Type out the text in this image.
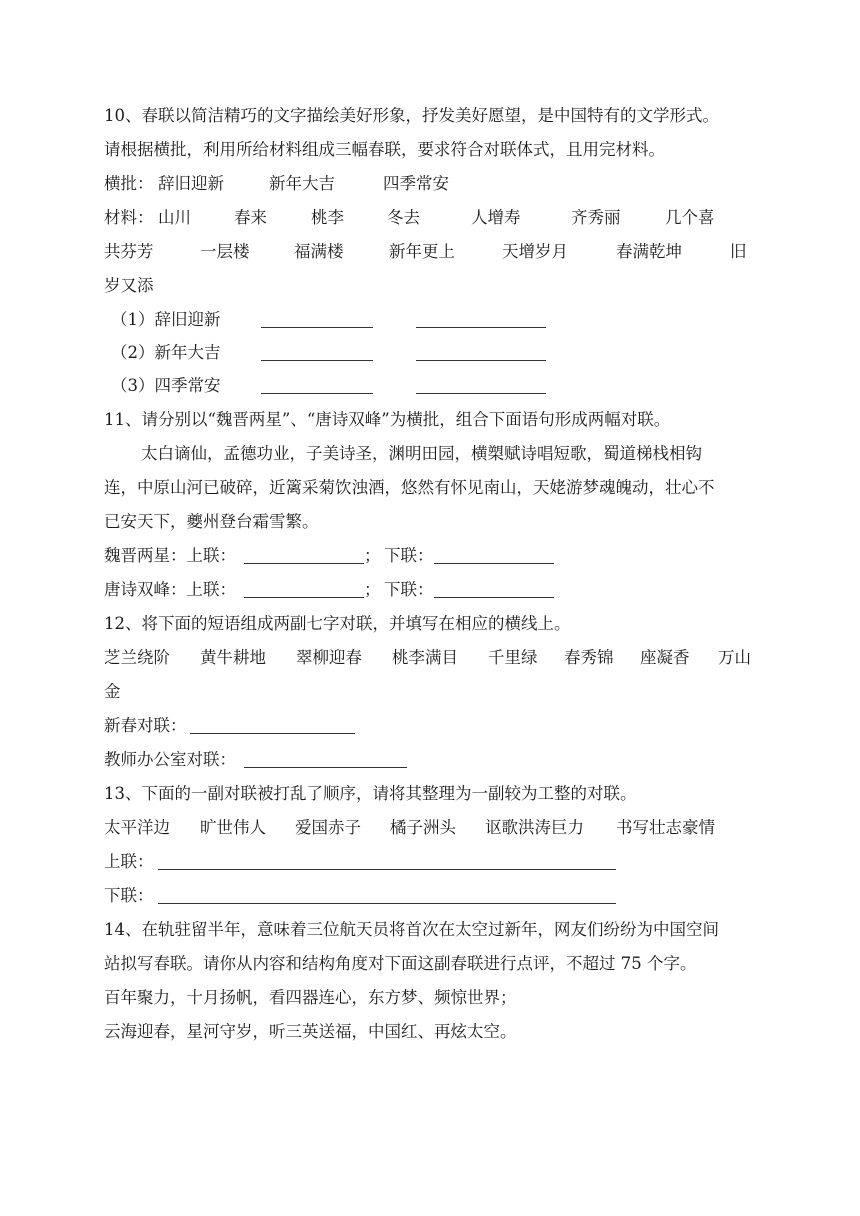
10、春联以简洁精巧的文字描绘美好形象，抒发美好愿望，是中国特有的文学形式。
请根据横批，利用所给材料组成三幅春联，要求符合对联体式，且用完材料。
横批： 辞旧迎新	新年大吉	四季常安
材料： 山川	春来	桃李	冬去	人增寿	齐秀丽	几个喜
共芬芳	一层楼	福满楼	新年更上	天增岁月	春满乾坤	旧
岁又添
（1）辞旧迎新
（2）新年大吉
（3）四季常安
11、请分别以“魏晋两星”、“唐诗双峰”为横批，组合下面语句形成两幅对联。
太白谪仙，孟德功业，子美诗圣，渊明田园，横槊赋诗唱短歌，蜀道梯栈相钩
连，中原山河已破碎，近篱采菊饮浊酒，悠然有怀见南山，天姥游梦魂魄动，壮心不
已安天下，夔州登台霜雪繁。
魏晋两星：上联：	； 下联：
唐诗双峰：上联：	； 下联：
12、将下面的短语组成两副七字对联，并填写在相应的横线上。
芝兰绕阶 黄牛耕地 翠柳迎春 桃李满目 千里绿 春秀锦 座凝香 万山
金
新春对联：
教师办公室对联：
13、下面的一副对联被打乱了顺序，请将其整理为一副较为工整的对联。
太平洋边 旷世伟人 爱国赤子 橘子洲头 讴歌洪涛巨力 书写壮志豪情
上联：
下联：
14、在轨驻留半年，意味着三位航天员将首次在太空过新年，网友们纷纷为中国空间
站拟写春联。请你从内容和结构角度对下面这副春联进行点评，不超过 75 个字。
百年聚力，十月扬帆，看四器连心，东方梦、频惊世界；
云海迎春，星河守岁，听三英送福，中国红、再炫太空。
